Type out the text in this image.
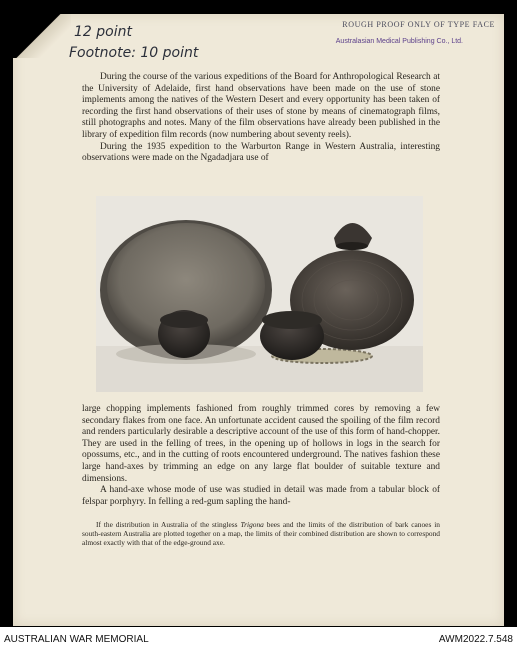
12 point
Footnote: 10 point

ROUGH PROOF ONLY OF TYPE FACE

Australasian Medical Publishing Co., Ltd.

During the course of the various expeditions of the Board for Anthropological Research at the University of Adelaide, first hand observations have been made on the use of stone implements among the natives of the Western Desert and every opportunity has been taken of recording the first hand observations of their uses of stone by means of cinematograph films, still photographs and notes. Many of the film observations have already been published in the library of expedition film records (now numbering about seventy reels).

During the 1935 expedition to the Warburton Range in Western Australia, interesting observations were made on the Ngadadjara use of

large chopping implements fashioned from roughly trimmed cores by removing a few secondary flakes from one face. An unfortunate accident caused the spoiling of the film record and renders particularly desirable a descriptive account of the use of this form of hand-chopper. They are used in the felling of trees, in the opening up of hollows in logs in the search for opossums, etc., and in the cutting of roots encountered underground. The natives fashion these large hand-axes by trimming an edge on any large flat boulder of suitable texture and dimensions.

A hand-axe whose mode of use was studied in detail was made from a tabular block of felspar porphyry. In felling a red-gum sapling the hand-

If the distribution in Australia of the stingless Trigona bees and the limits of the distribution of bark canoes in south-eastern Australia are plotted together on a map, the limits of their combined distribution are shown to correspond almost exactly with that of the edge-ground axe.

AUSTRALIAN WAR MEMORIAL	AWM2022.7.548
